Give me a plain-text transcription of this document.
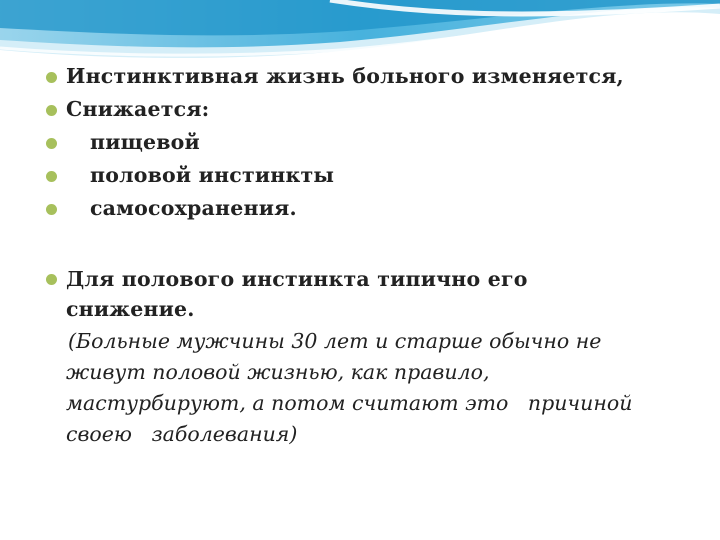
Инстинктивная жизнь больного изменяется,
Снижается:
пищевой
половой инстинкты
самосохранения.
Для полового инстинкта типично его
снижение.
(Больные мужчины 30 лет и старше обычно не
живут половой жизнью, как правило,
мастурбируют, а потом считают это   причиной
своею   заболевания)
